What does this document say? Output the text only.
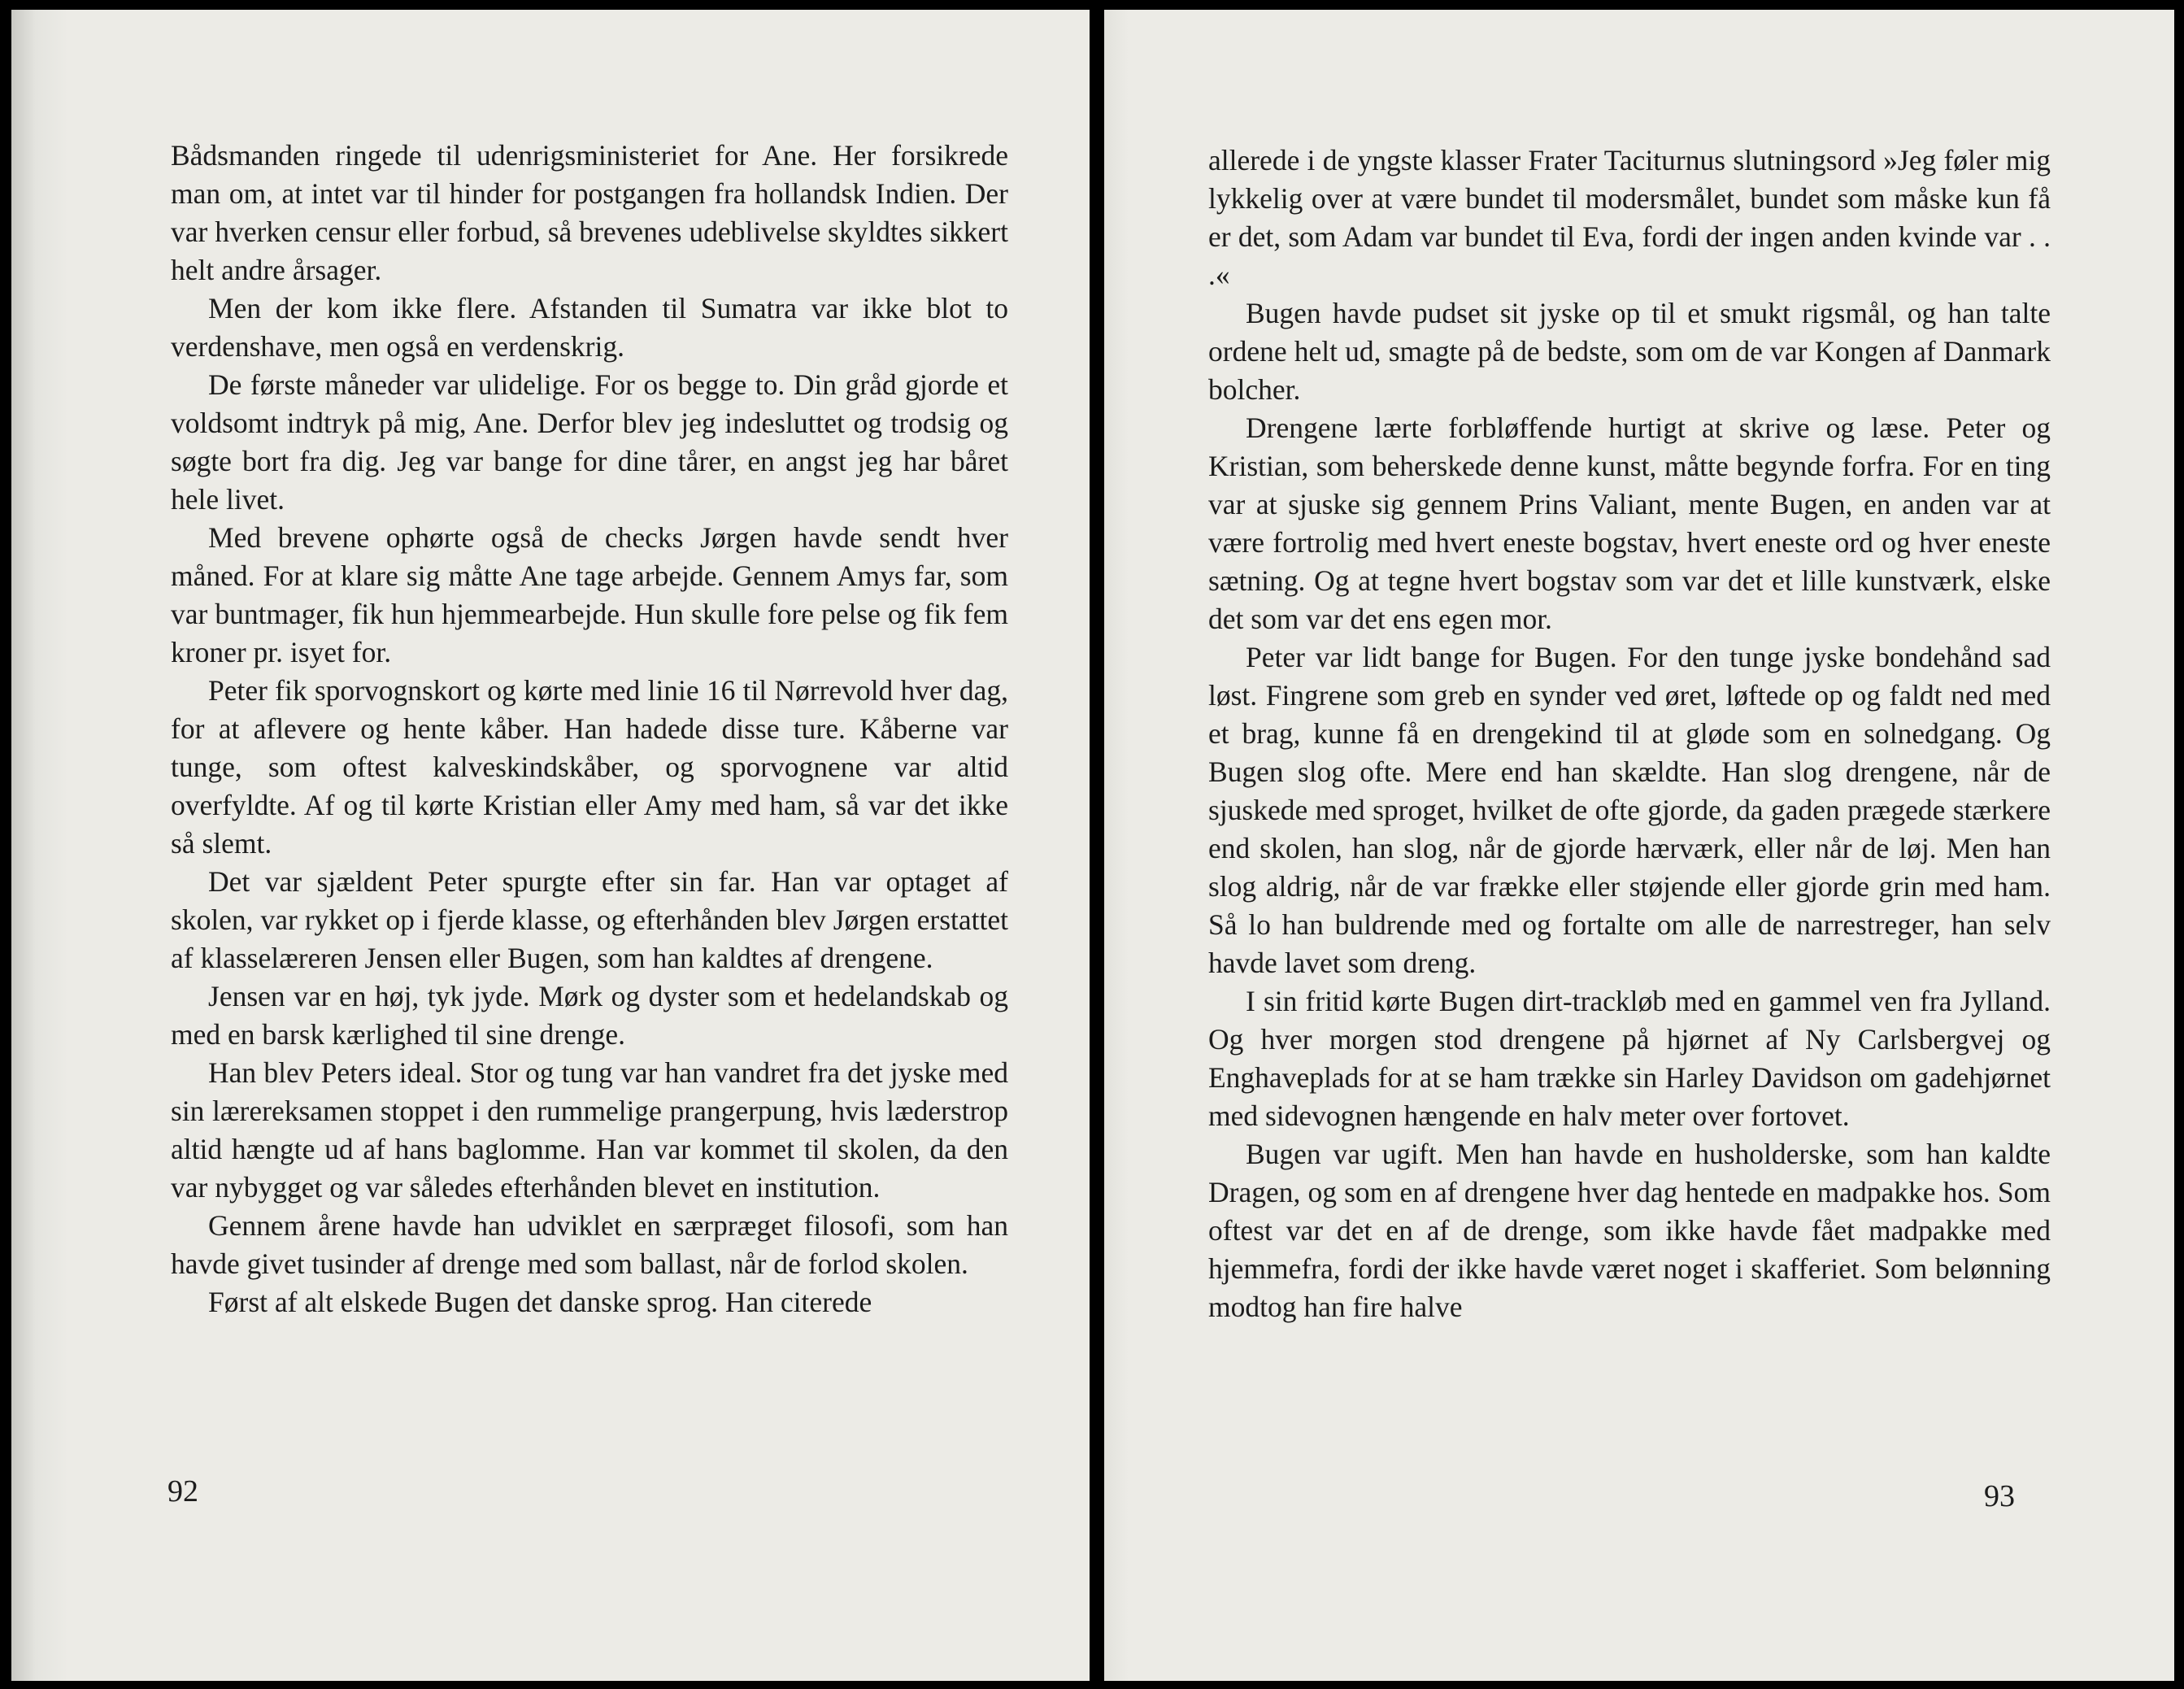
Bådsmanden ringede til udenrigsministeriet for Ane. Her forsikrede man om, at intet var til hinder for postgangen fra hollandsk Indien. Der var hverken censur eller forbud, så brevenes udeblivelse skyldtes sikkert helt andre årsager.

Men der kom ikke flere. Afstanden til Sumatra var ikke blot to verdenshave, men også en verdenskrig.

De første måneder var ulidelige. For os begge to. Din gråd gjorde et voldsomt indtryk på mig, Ane. Derfor blev jeg indesluttet og trodsig og søgte bort fra dig. Jeg var bange for dine tårer, en angst jeg har båret hele livet.

Med brevene ophørte også de checks Jørgen havde sendt hver måned. For at klare sig måtte Ane tage arbejde. Gennem Amys far, som var buntmager, fik hun hjemmearbejde. Hun skulle fore pelse og fik fem kroner pr. isyet for.

Peter fik sporvognskort og kørte med linie 16 til Nørrevold hver dag, for at aflevere og hente kåber. Han hadede disse ture. Kåberne var tunge, som oftest kalveskindskåber, og sporvognene var altid overfyldte. Af og til kørte Kristian eller Amy med ham, så var det ikke så slemt.

Det var sjældent Peter spurgte efter sin far. Han var optaget af skolen, var rykket op i fjerde klasse, og efterhånden blev Jørgen erstattet af klasselæreren Jensen eller Bugen, som han kaldtes af drengene.

Jensen var en høj, tyk jyde. Mørk og dyster som et hedelandskab og med en barsk kærlighed til sine drenge.

Han blev Peters ideal. Stor og tung var han vandret fra det jyske med sin lærereksamen stoppet i den rummelige prangerpung, hvis læderstrop altid hængte ud af hans baglomme. Han var kommet til skolen, da den var nybygget og var således efterhånden blevet en institution.

Gennem årene havde han udviklet en særpræget filosofi, som han havde givet tusinder af drenge med som ballast, når de forlod skolen.

Først af alt elskede Bugen det danske sprog. Han citerede

92

allerede i de yngste klasser Frater Taciturnus slutningsord »Jeg føler mig lykkelig over at være bundet til modersmålet, bundet som måske kun få er det, som Adam var bundet til Eva, fordi der ingen anden kvinde var . . .«

Bugen havde pudset sit jyske op til et smukt rigsmål, og han talte ordene helt ud, smagte på de bedste, som om de var Kongen af Danmark bolcher.

Drengene lærte forbløffende hurtigt at skrive og læse. Peter og Kristian, som beherskede denne kunst, måtte begynde forfra. For en ting var at sjuske sig gennem Prins Valiant, mente Bugen, en anden var at være fortrolig med hvert eneste bogstav, hvert eneste ord og hver eneste sætning. Og at tegne hvert bogstav som var det et lille kunstværk, elske det som var det ens egen mor.

Peter var lidt bange for Bugen. For den tunge jyske bondehånd sad løst. Fingrene som greb en synder ved øret, løftede op og faldt ned med et brag, kunne få en drengekind til at gløde som en solnedgang. Og Bugen slog ofte. Mere end han skældte. Han slog drengene, når de sjuskede med sproget, hvilket de ofte gjorde, da gaden prægede stærkere end skolen, han slog, når de gjorde hærværk, eller når de løj. Men han slog aldrig, når de var frække eller støjende eller gjorde grin med ham. Så lo han buldrende med og fortalte om alle de narrestreger, han selv havde lavet som dreng.

I sin fritid kørte Bugen dirt-trackløb med en gammel ven fra Jylland. Og hver morgen stod drengene på hjørnet af Ny Carlsbergvej og Enghaveplads for at se ham trække sin Harley Davidson om gadehjørnet med sidevognen hængende en halv meter over fortovet.

Bugen var ugift. Men han havde en husholderske, som han kaldte Dragen, og som en af drengene hver dag hentede en madpakke hos. Som oftest var det en af de drenge, som ikke havde fået madpakke med hjemmefra, fordi der ikke havde været noget i skafferiet. Som belønning modtog han fire halve

93
